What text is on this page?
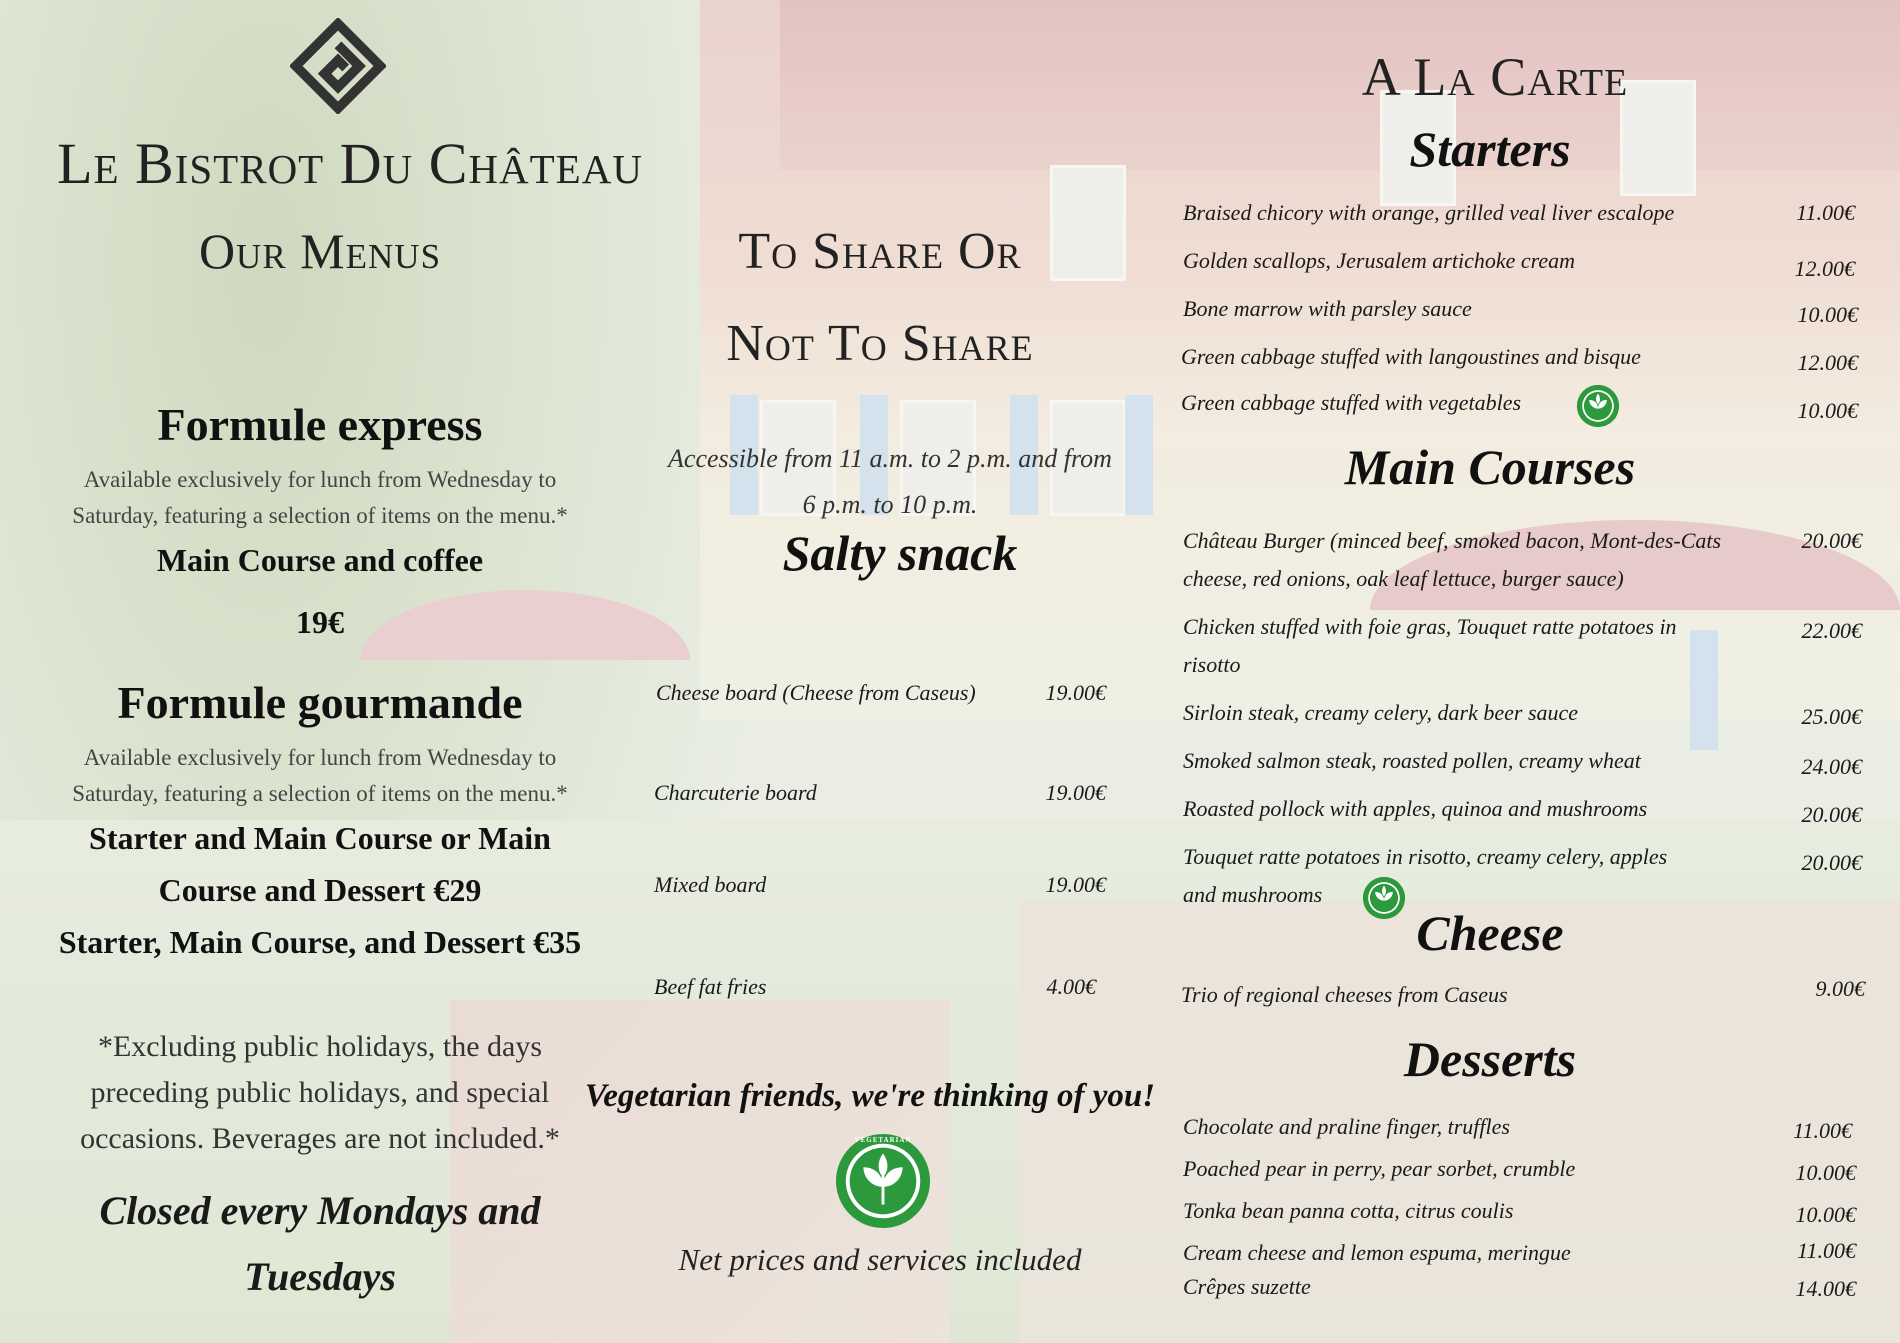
Le Bistrot Du Château
Our Menus
Formule express
Available exclusively for lunch from Wednesday to
Saturday, featuring a selection of items on the menu.*
Main Course and coffee
19€
Formule gourmande
Available exclusively for lunch from Wednesday to
Saturday, featuring a selection of items on the menu.*
Starter and Main Course or Main
Course and Dessert €29
Starter, Main Course, and Dessert €35
*Excluding public holidays, the days
preceding public holidays, and special
occasions. Beverages are not included.*
Closed every Mondays and
Tuesdays
To Share Or
Not To Share
Accessible from 11 a.m. to 2 p.m. and from
6 p.m. to 10 p.m.
Salty snack
Cheese board (Cheese from Caseus)	19.00€
Charcuterie board	19.00€
Mixed board	19.00€
Beef fat fries	4.00€
Vegetarian friends, we're thinking of you!
VEGETARIAN
Net prices and services included
A La Carte
Starters
Braised chicory with orange, grilled veal liver escalope	11.00€
Golden scallops, Jerusalem artichoke cream	12.00€
Bone marrow with parsley sauce	10.00€
Green cabbage stuffed with langoustines and bisque	12.00€
Green cabbage stuffed with vegetables	10.00€
Main Courses
Château Burger (minced beef, smoked bacon, Mont-des-Cats
cheese, red onions, oak leaf lettuce, burger sauce)
20.00€
Chicken stuffed with foie gras, Touquet ratte potatoes in
risotto
22.00€
Sirloin steak, creamy celery, dark beer sauce	25.00€
Smoked salmon steak, roasted pollen, creamy wheat	24.00€
Roasted pollock with apples, quinoa and mushrooms	20.00€
Touquet ratte potatoes in risotto, creamy celery, apples
and mushrooms
20.00€
Cheese
Trio of regional cheeses from Caseus	9.00€
Desserts
Chocolate and praline finger, truffles	11.00€
Poached pear in perry, pear sorbet, crumble	10.00€
Tonka bean panna cotta, citrus coulis	10.00€
Cream cheese and lemon espuma, meringue	11.00€
Crêpes suzette	14.00€
